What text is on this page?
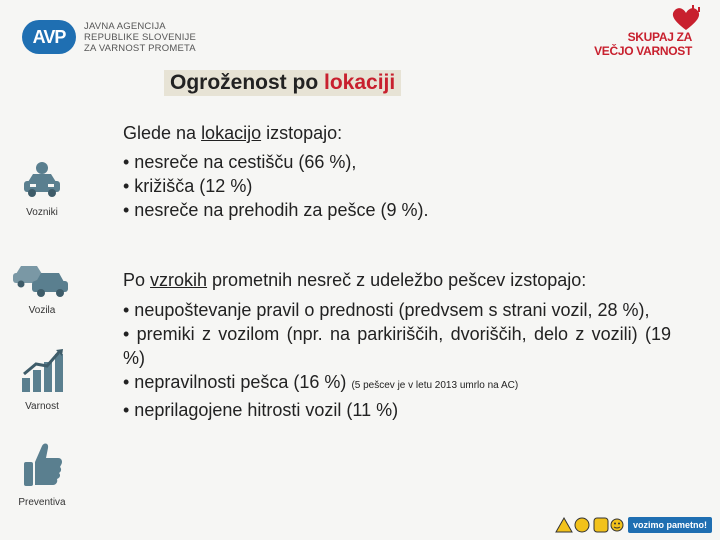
AVP
JAVNA AGENCIJA
REPUBLIKE SLOVENIJE
ZA VARNOST PROMETA
SKUPAJ ZA
VEČJO VARNOST
Ogroženost po lokaciji
Vozniki
Vozila
Varnost
Preventiva
Glede na lokacijo izstopajo:

• nesreče na cestišču (66 %),

• križišča (12 %)

• nesreče na prehodih za pešce (9 %).

Po vzrokih prometnih nesreč z udeležbo pešcev izstopajo:

• neupoštevanje pravil o prednosti (predvsem s strani vozil, 28 %),

• premiki z vozilom (npr. na parkiriščih, dvoriščih, delo z vozili) (19 %)

• nepravilnosti pešca (16 %) (5 pešcev je v letu 2013 umrlo na AC)

• neprilagojene hitrosti vozil (11 %)

vozimo pametno!
